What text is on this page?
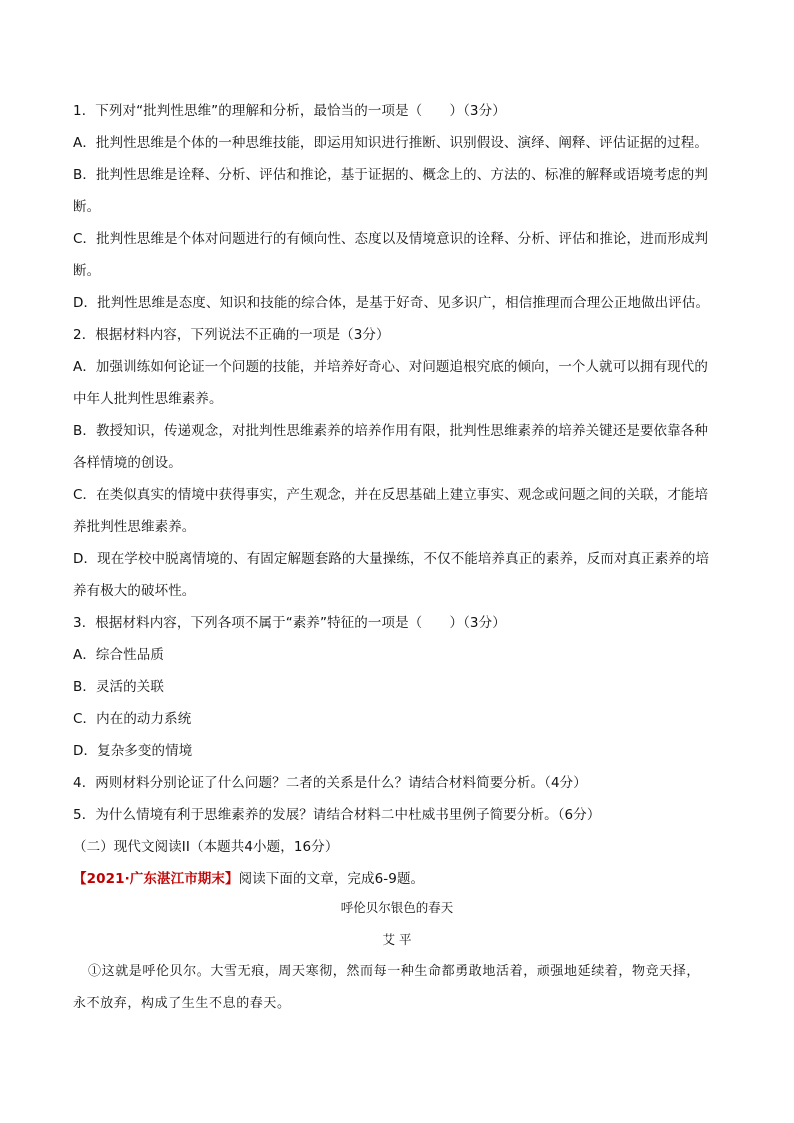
1．下列对“批判性思维”的理解和分析，最恰当的一项是（　　）（3分）
A．批判性思维是个体的一种思维技能，即运用知识进行推断、识别假设、演绎、阐释、评估证据的过程。
B．批判性思维是诠释、分析、评估和推论，基于证据的、概念上的、方法的、标准的解释或语境考虑的判
断。
C．批判性思维是个体对问题进行的有倾向性、态度以及情境意识的诠释、分析、评估和推论，进而形成判
断。
D．批判性思维是态度、知识和技能的综合体，是基于好奇、见多识广，相信推理而合理公正地做出评估。
2．根据材料内容，下列说法不正确的一项是（3分）
A．加强训练如何论证一个问题的技能，并培养好奇心、对问题追根究底的倾向，一个人就可以拥有现代的
中年人批判性思维素养。
B．教授知识，传递观念，对批判性思维素养的培养作用有限，批判性思维素养的培养关键还是要依靠各种
各样情境的创设。
C．在类似真实的情境中获得事实，产生观念，并在反思基础上建立事实、观念或问题之间的关联，才能培
养批判性思维素养。
D．现在学校中脱离情境的、有固定解题套路的大量操练，不仅不能培养真正的素养，反而对真正素养的培
养有极大的破坏性。
3．根据材料内容，下列各项不属于“素养”特征的一项是（　　）（3分）
A．综合性品质
B．灵活的关联
C．内在的动力系统
D．复杂多变的情境
4．两则材料分别论证了什么问题？二者的关系是什么？请结合材料简要分析。（4分）
5．为什么情境有利于思维素养的发展？请结合材料二中杜威书里例子简要分析。（6分）
（二）现代文阅读II（本题共4小题，16分）
【2021·广东湛江市期末】阅读下面的文章，完成6-9题。
呼伦贝尔银色的春天
艾 平
①这就是呼伦贝尔。大雪无痕，周天寒彻，然而每一种生命都勇敢地活着，顽强地延续着，物竞天择，
永不放弃，构成了生生不息的春天。
